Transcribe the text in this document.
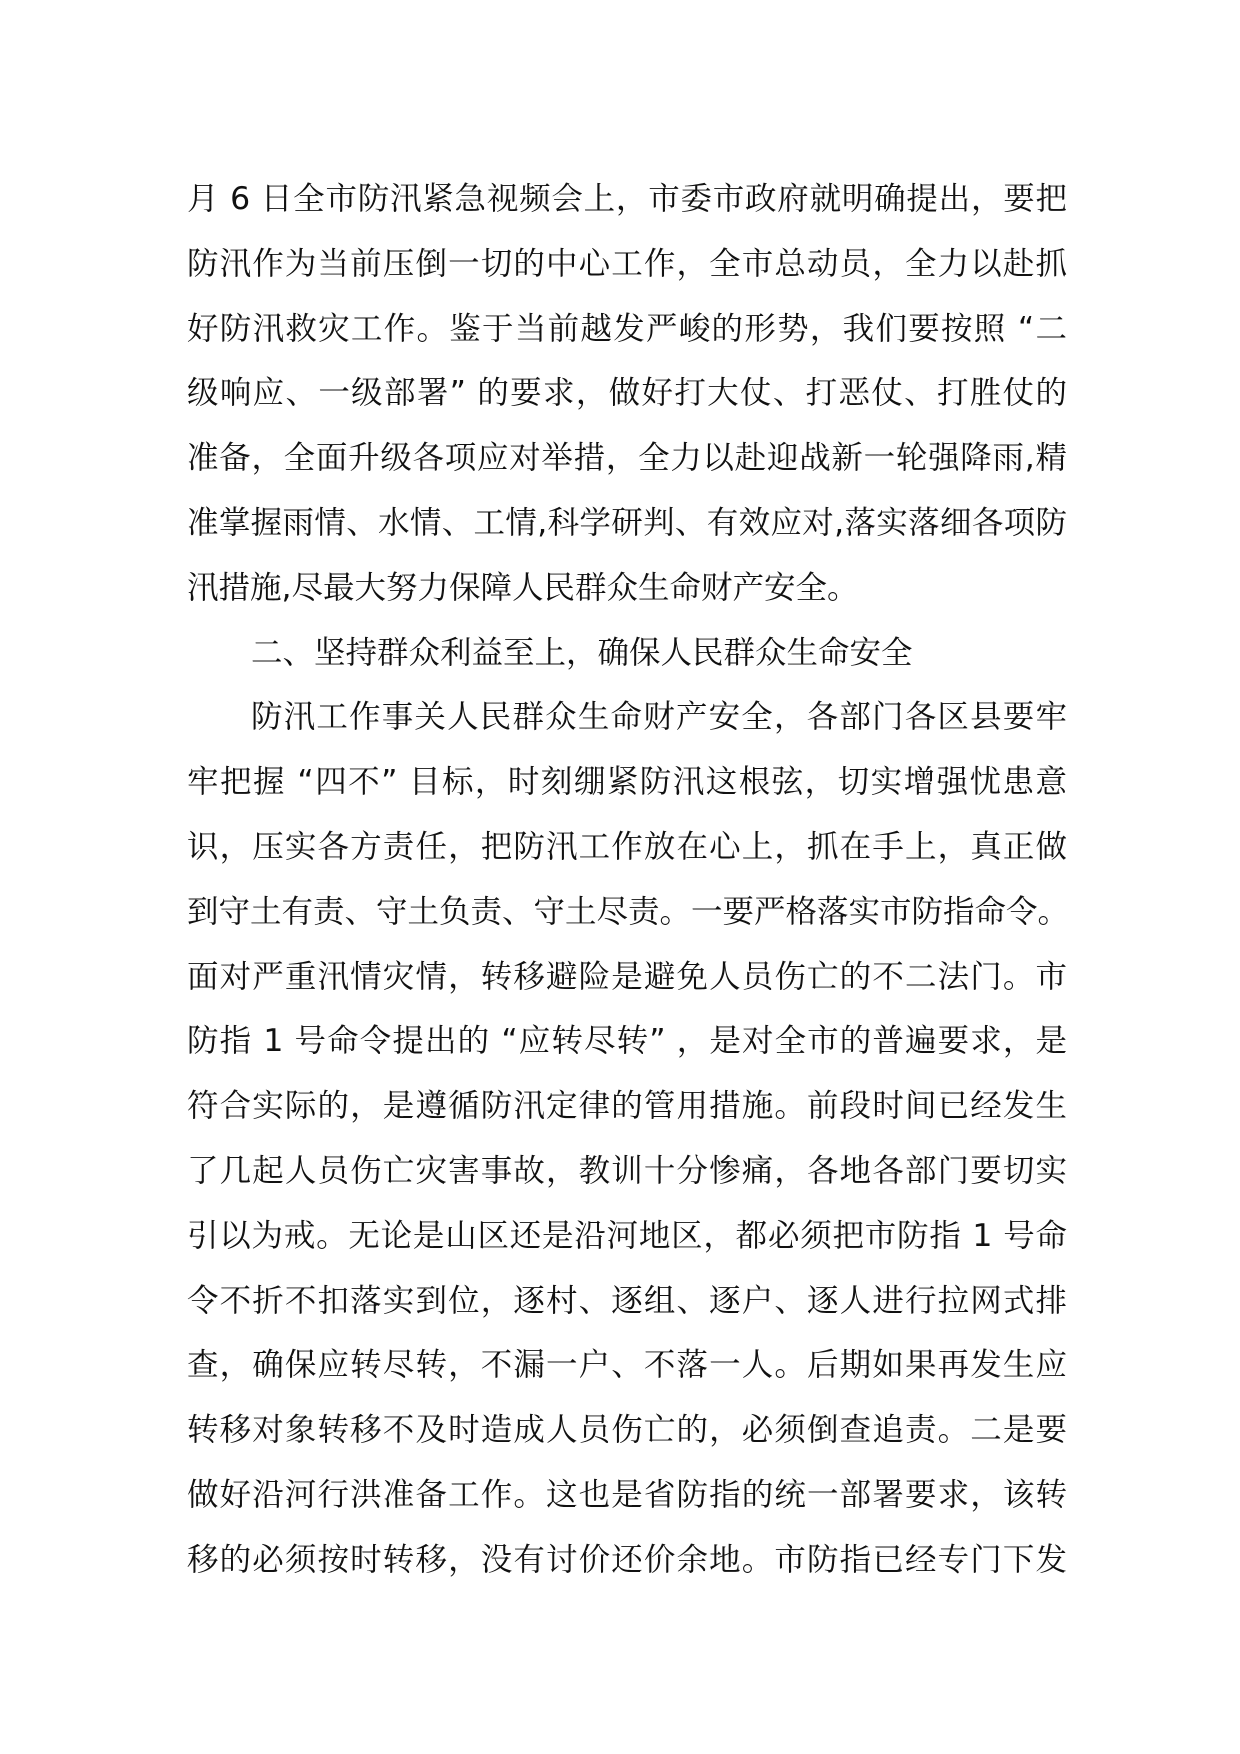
月 6 日全市防汛紧急视频会上，市委市政府就明确提出，要把
防汛作为当前压倒一切的中心工作，全市总动员，全力以赴抓
好防汛救灾工作。鉴于当前越发严峻的形势，我们要按照 “二
级响应、一级部署” 的要求，做好打大仗、打恶仗、打胜仗的
准备，全面升级各项应对举措，全力以赴迎战新一轮强降雨,精
准掌握雨情、水情、工情,科学研判、有效应对,落实落细各项防
汛措施,尽最大努力保障人民群众生命财产安全。
二、坚持群众利益至上，确保人民群众生命安全
防汛工作事关人民群众生命财产安全，各部门各区县要牢
牢把握 “四不” 目标，时刻绷紧防汛这根弦，切实增强忧患意
识，压实各方责任，把防汛工作放在心上，抓在手上，真正做
到守土有责、守土负责、守土尽责。一要严格落实市防指命令。
面对严重汛情灾情，转移避险是避免人员伤亡的不二法门。市
防指 1 号命令提出的 “应转尽转” ，是对全市的普遍要求，是
符合实际的，是遵循防汛定律的管用措施。前段时间已经发生
了几起人员伤亡灾害事故，教训十分惨痛，各地各部门要切实
引以为戒。无论是山区还是沿河地区，都必须把市防指 1 号命
令不折不扣落实到位，逐村、逐组、逐户、逐人进行拉网式排
查，确保应转尽转，不漏一户、不落一人。后期如果再发生应
转移对象转移不及时造成人员伤亡的，必须倒查追责。二是要
做好沿河行洪准备工作。这也是省防指的统一部署要求，该转
移的必须按时转移，没有讨价还价余地。市防指已经专门下发
